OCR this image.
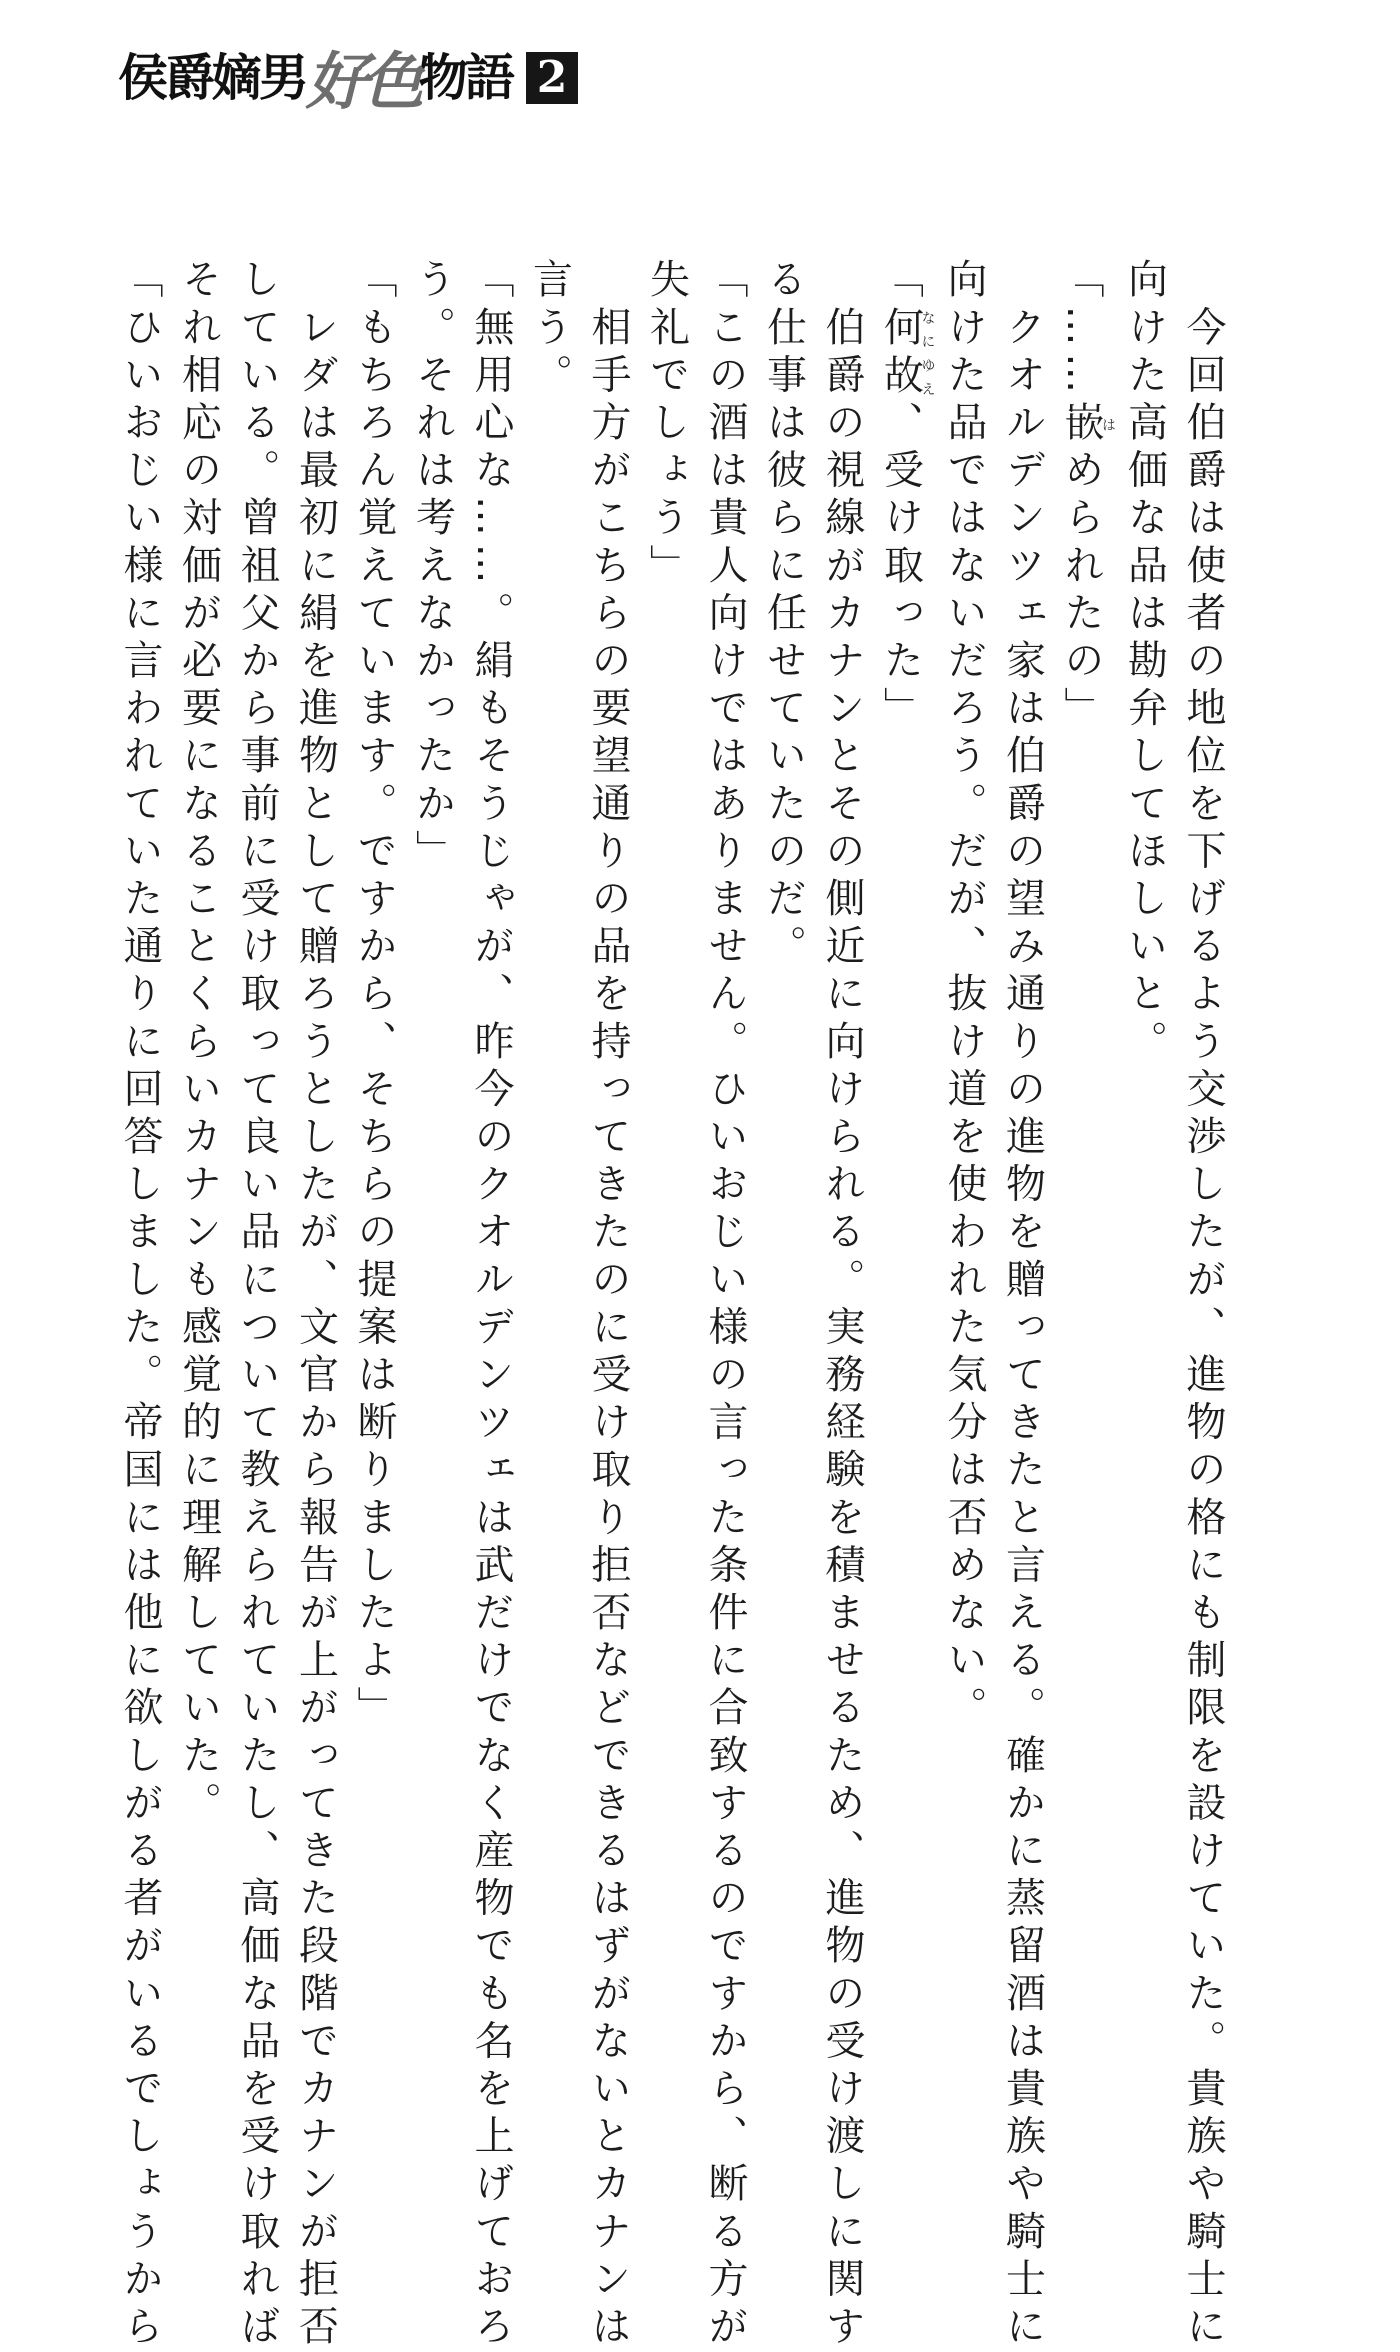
侯爵嫡男 好色 物語 2
　今回伯爵は使者の地位を下げるよう交渉したが、進物の格にも制限を設けていた。貴族や騎士に
向けた高価な品は勘弁してほしいと。
「……嵌はめられたの」
　クオルデンツェ家は伯爵の望み通りの進物を贈ってきたと言える。確かに蒸留酒は貴族や騎士に
向けた品ではないだろう。だが、抜け道を使われた気分は否めない。
「何故なにゆえ、受け取った」
　伯爵の視線がカナンとその側近に向けられる。実務経験を積ませるため、進物の受け渡しに関す
る仕事は彼らに任せていたのだ。
「この酒は貴人向けではありません。ひいおじい様の言った条件に合致するのですから、断る方が
失礼でしょう」
　相手方がこちらの要望通りの品を持ってきたのに受け取り拒否などできるはずがないとカナンは
言う。
「無用心な……。絹もそうじゃが、昨今のクオルデンツェは武だけでなく産物でも名を上げておろ
う。それは考えなかったか」
「もちろん覚えています。ですから、そちらの提案は断りましたよ」
　レダは最初に絹を進物として贈ろうとしたが、文官から報告が上がってきた段階でカナンが拒否
している。曾祖父から事前に受け取って良い品について教えられていたし、高価な品を受け取れば
それ相応の対価が必要になることくらいカナンも感覚的に理解していた。
「ひいおじい様に言われていた通りに回答しました。帝国には他に欲しがる者がいるでしょうから
